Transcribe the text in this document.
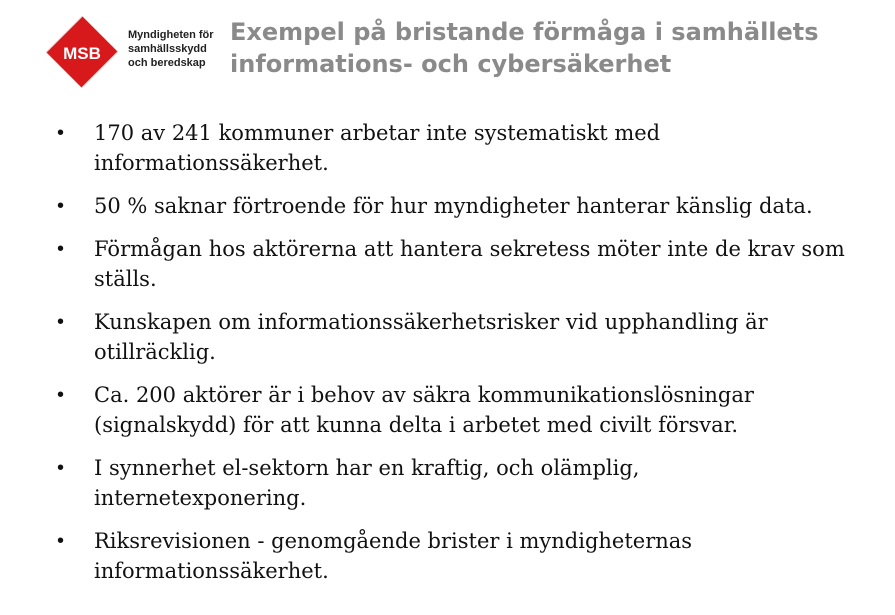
MSB
Myndigheten för
samhällsskydd
och beredskap
Exempel på bristande förmåga i samhällets
informations- och cybersäkerhet
• 170 av 241 kommuner arbetar inte systematiskt med informationssäkerhet.
• 50 % saknar förtroende för hur myndigheter hanterar känslig data.
• Förmågan hos aktörerna att hantera sekretess möter inte de krav som ställs.
• Kunskapen om informationssäkerhetsrisker vid upphandling är otillräcklig.
• Ca. 200 aktörer är i behov av säkra kommunikationslösningar (signalskydd) för att kunna delta i arbetet med civilt försvar.
• I synnerhet el-sektorn har en kraftig, och olämplig, internetexponering.
• Riksrevisionen - genomgående brister i myndigheternas informationssäkerhet.
